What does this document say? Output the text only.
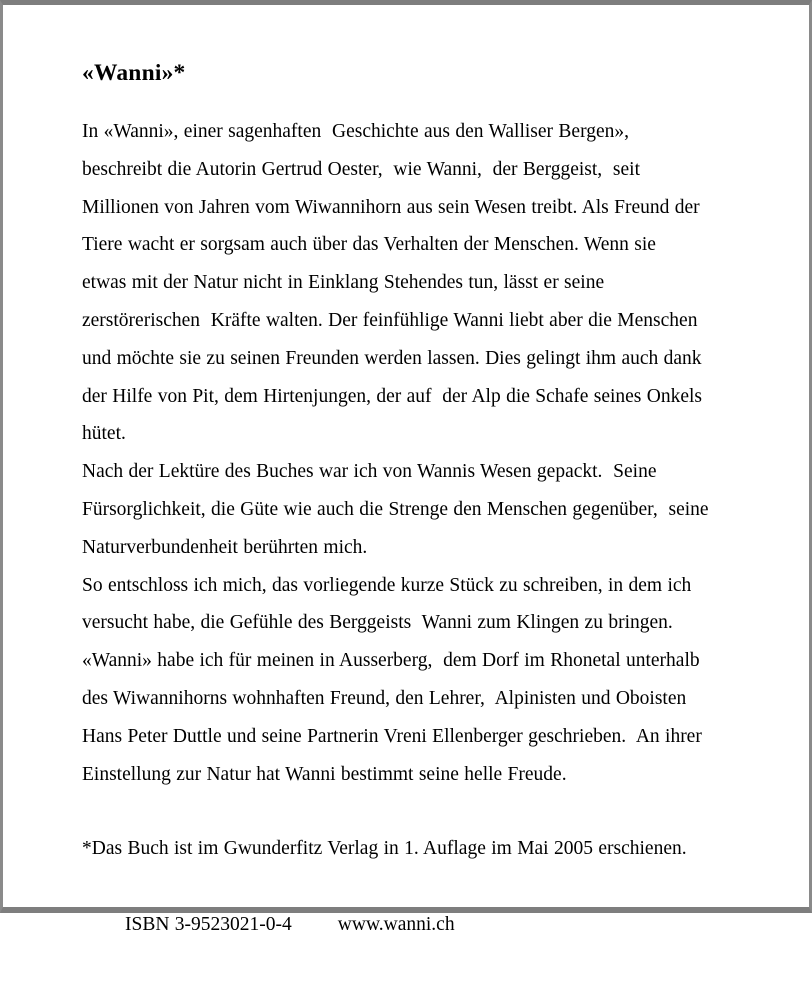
«Wanni»*
In «Wanni», einer sagenhaften  Geschichte aus den Walliser Bergen»,
beschreibt die Autorin Gertrud Oester,  wie Wanni,  der Berggeist,  seit
Millionen von Jahren vom Wiwannihorn aus sein Wesen treibt. Als Freund der
Tiere wacht er sorgsam auch über das Verhalten der Menschen. Wenn sie
etwas mit der Natur nicht in Einklang Stehendes tun, lässt er seine
zerstörerischen  Kräfte walten. Der feinfühlige Wanni liebt aber die Menschen
und möchte sie zu seinen Freunden werden lassen. Dies gelingt ihm auch dank
der Hilfe von Pit, dem Hirtenjungen, der auf  der Alp die Schafe seines Onkels
hütet.
Nach der Lektüre des Buches war ich von Wannis Wesen gepackt.  Seine
Fürsorglichkeit, die Güte wie auch die Strenge den Menschen gegenüber,  seine
Naturverbundenheit berührten mich.
So entschloss ich mich, das vorliegende kurze Stück zu schreiben, in dem ich
versucht habe, die Gefühle des Berggeists  Wanni zum Klingen zu bringen.
«Wanni» habe ich für meinen in Ausserberg,  dem Dorf im Rhonetal unterhalb
des Wiwannihorns wohnhaften Freund, den Lehrer,  Alpinisten und Oboisten
Hans Peter Duttle und seine Partnerin Vreni Ellenberger geschrieben.  An ihrer
Einstellung zur Natur hat Wanni bestimmt seine helle Freude.
*Das Buch ist im Gwunderfitz Verlag in 1. Auflage im Mai 2005 erschienen.

ISBN 3-9523021-0-4 www.wanni.ch
